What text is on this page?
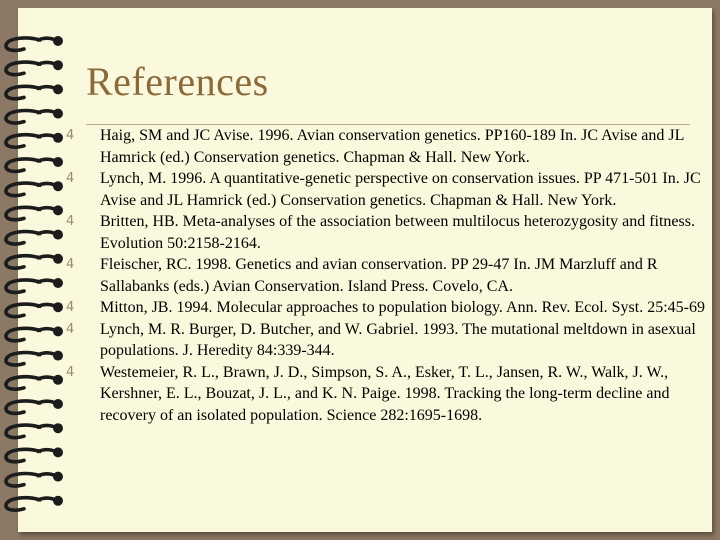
References
4 Haig, SM and JC Avise. 1996. Avian conservation genetics. PP160-189 In. JC Avise and JL Hamrick (ed.) Conservation genetics. Chapman & Hall. New York.
4 Lynch, M. 1996. A quantitative-genetic perspective on conservation issues. PP 471-501 In. JC Avise and JL Hamrick (ed.) Conservation genetics. Chapman & Hall. New York.
4 Britten, HB. Meta-analyses of the association between multilocus heterozygosity and fitness. Evolution 50:2158-2164.
4 Fleischer, RC. 1998. Genetics and avian conservation. PP 29-47 In. JM Marzluff and R Sallabanks (eds.) Avian Conservation. Island Press. Covelo, CA.
4 Mitton, JB. 1994. Molecular approaches to population biology. Ann. Rev. Ecol. Syst. 25:45-69
4 Lynch, M. R. Burger, D. Butcher, and W. Gabriel. 1993. The mutational meltdown in asexual populations. J. Heredity 84:339-344.
4 Westemeier, R. L., Brawn, J. D., Simpson, S. A., Esker, T. L., Jansen, R. W., Walk, J. W., Kershner, E. L., Bouzat, J. L., and K. N. Paige. 1998. Tracking the long-term decline and recovery of an isolated population. Science 282:1695-1698.
